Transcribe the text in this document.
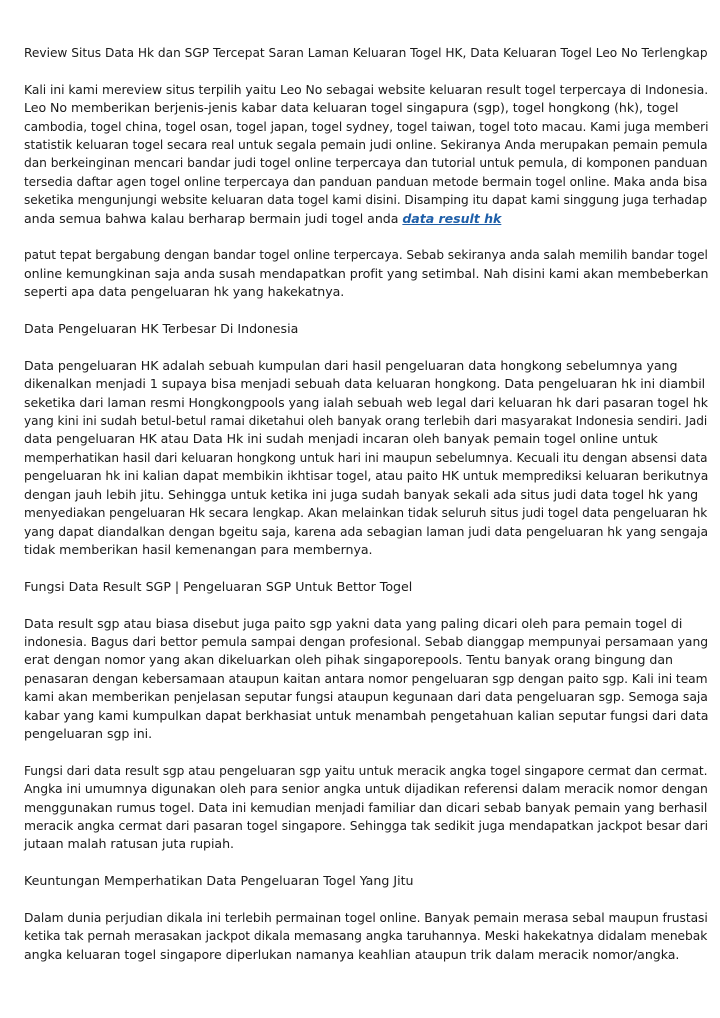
Review Situs Data Hk dan SGP Tercepat Saran Laman Keluaran Togel HK, Data Keluaran Togel Leo No Terlengkap
Kali ini kami mereview situs terpilih yaitu Leo No sebagai website keluaran result togel terpercaya di Indonesia.
Leo No memberikan berjenis-jenis kabar data keluaran togel singapura (sgp), togel hongkong (hk), togel
cambodia, togel china, togel osan, togel japan, togel sydney, togel taiwan, togel toto macau. Kami juga memberi
statistik keluaran togel secara real untuk segala pemain judi online. Sekiranya Anda merupakan pemain pemula
dan berkeinginan mencari bandar judi togel online terpercaya dan tutorial untuk pemula, di komponen panduan
tersedia daftar agen togel online terpercaya dan panduan panduan metode bermain togel online. Maka anda bisa
seketika mengunjungi website keluaran data togel kami disini. Disamping itu dapat kami singgung juga terhadap
anda semua bahwa kalau berharap bermain judi togel anda data result hk
patut tepat bergabung dengan bandar togel online terpercaya. Sebab sekiranya anda salah memilih bandar togel
online kemungkinan saja anda susah mendapatkan profit yang setimbal. Nah disini kami akan membeberkan
seperti apa data pengeluaran hk yang hakekatnya.
Data Pengeluaran HK Terbesar Di Indonesia
Data pengeluaran HK adalah sebuah kumpulan dari hasil pengeluaran data hongkong sebelumnya yang
dikenalkan menjadi 1 supaya bisa menjadi sebuah data keluaran hongkong. Data pengeluaran hk ini diambil
seketika dari laman resmi Hongkongpools yang ialah sebuah web legal dari keluaran hk dari pasaran togel hk
yang kini ini sudah betul-betul ramai diketahui oleh banyak orang terlebih dari masyarakat Indonesia sendiri. Jadi
data pengeluaran HK atau Data Hk ini sudah menjadi incaran oleh banyak pemain togel online untuk
memperhatikan hasil dari keluaran hongkong untuk hari ini maupun sebelumnya. Kecuali itu dengan absensi data
pengeluaran hk ini kalian dapat membikin ikhtisar togel, atau paito HK untuk memprediksi keluaran berikutnya
dengan jauh lebih jitu. Sehingga untuk ketika ini juga sudah banyak sekali ada situs judi data togel hk yang
menyediakan pengeluaran Hk secara lengkap. Akan melainkan tidak seluruh situs judi togel data pengeluaran hk
yang dapat diandalkan dengan bgeitu saja, karena ada sebagian laman judi data pengeluaran hk yang sengaja
tidak memberikan hasil kemenangan para membernya.
Fungsi Data Result SGP | Pengeluaran SGP Untuk Bettor Togel
Data result sgp atau biasa disebut juga paito sgp yakni data yang paling dicari oleh para pemain togel di
indonesia. Bagus dari bettor pemula sampai dengan profesional. Sebab dianggap mempunyai persamaan yang
erat dengan nomor yang akan dikeluarkan oleh pihak singaporepools. Tentu banyak orang bingung dan
penasaran dengan kebersamaan ataupun kaitan antara nomor pengeluaran sgp dengan paito sgp. Kali ini team
kami akan memberikan penjelasan seputar fungsi ataupun kegunaan dari data pengeluaran sgp. Semoga saja
kabar yang kami kumpulkan dapat berkhasiat untuk menambah pengetahuan kalian seputar fungsi dari data
pengeluaran sgp ini.
Fungsi dari data result sgp atau pengeluaran sgp yaitu untuk meracik angka togel singapore cermat dan cermat.
Angka ini umumnya digunakan oleh para senior angka untuk dijadikan referensi dalam meracik nomor dengan
menggunakan rumus togel. Data ini kemudian menjadi familiar dan dicari sebab banyak pemain yang berhasil
meracik angka cermat dari pasaran togel singapore. Sehingga tak sedikit juga mendapatkan jackpot besar dari
jutaan malah ratusan juta rupiah.
Keuntungan Memperhatikan Data Pengeluaran Togel Yang Jitu
Dalam dunia perjudian dikala ini terlebih permainan togel online. Banyak pemain merasa sebal maupun frustasi
ketika tak pernah merasakan jackpot dikala memasang angka taruhannya. Meski hakekatnya didalam menebak
angka keluaran togel singapore diperlukan namanya keahlian ataupun trik dalam meracik nomor/angka.
